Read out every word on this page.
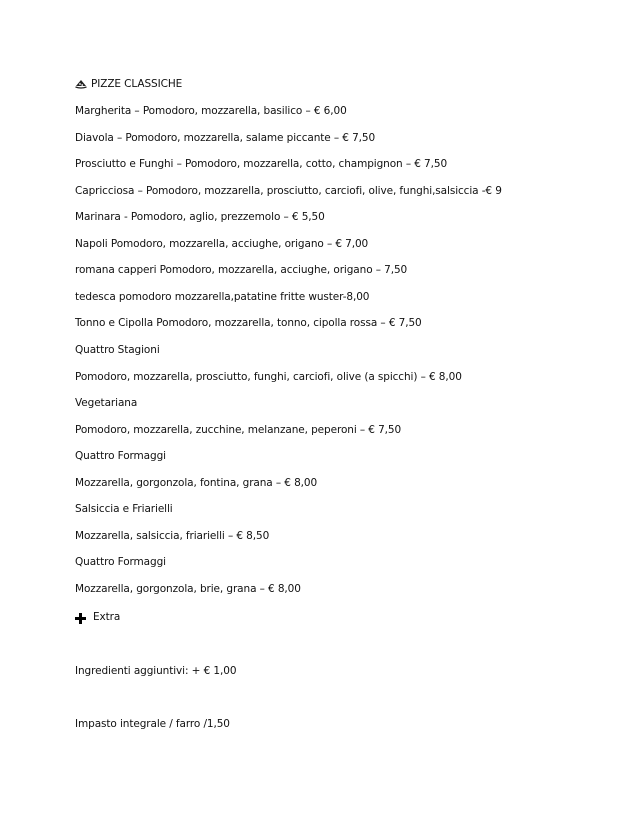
PIZZE CLASSICHE
Margherita – Pomodoro, mozzarella, basilico – € 6,00
Diavola – Pomodoro, mozzarella, salame piccante – € 7,50
Prosciutto e Funghi – Pomodoro, mozzarella, cotto, champignon – € 7,50
Capricciosa – Pomodoro, mozzarella, prosciutto, carciofi, olive, funghi,salsiccia -€ 9
Marinara - Pomodoro, aglio, prezzemolo – € 5,50
Napoli Pomodoro, mozzarella, acciughe, origano – € 7,00
romana capperi Pomodoro, mozzarella, acciughe, origano – 7,50
tedesca pomodoro mozzarella,patatine fritte wuster-8,00
Tonno e Cipolla Pomodoro, mozzarella, tonno, cipolla rossa – € 7,50
Quattro Stagioni
Pomodoro, mozzarella, prosciutto, funghi, carciofi, olive (a spicchi) – € 8,00
Vegetariana
Pomodoro, mozzarella, zucchine, melanzane, peperoni – € 7,50
Quattro Formaggi
Mozzarella, gorgonzola, fontina, grana – € 8,00
Salsiccia e Friarielli
Mozzarella, salsiccia, friarielli – € 8,50
Quattro Formaggi
Mozzarella, gorgonzola, brie, grana – € 8,00
Extra
Ingredienti aggiuntivi: + € 1,00
Impasto integrale / farro /1,50
